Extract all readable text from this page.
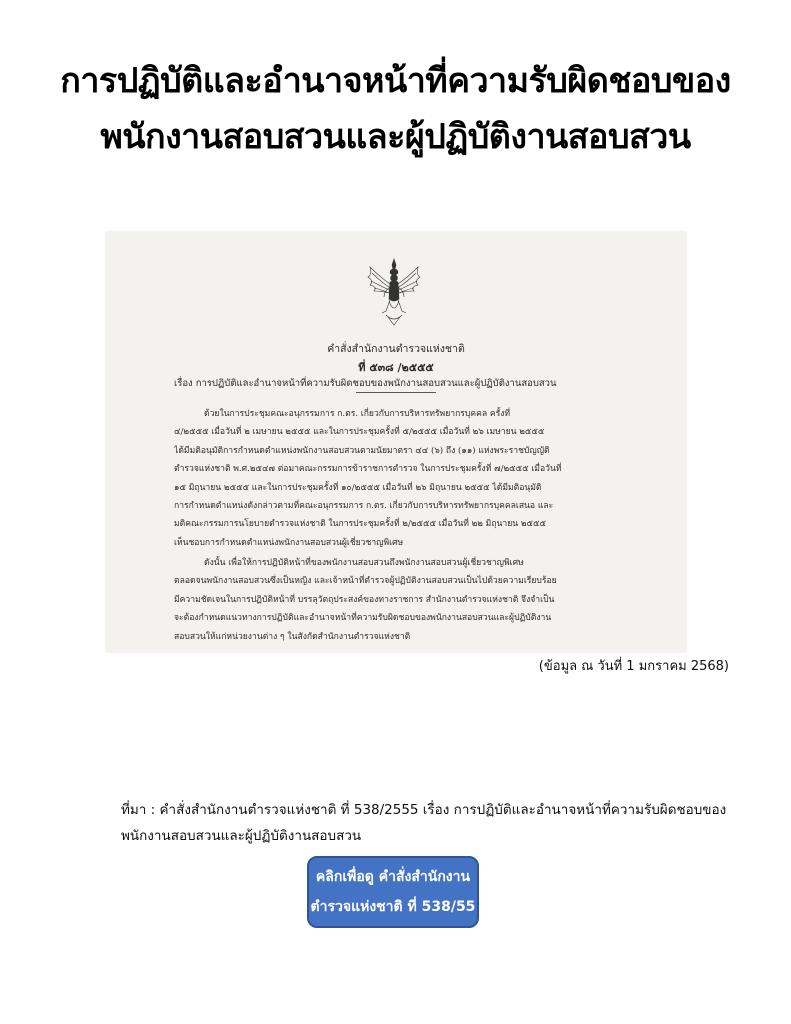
การปฏิบัติและอำนาจหน้าที่ความรับผิดชอบของ
พนักงานสอบสวนและผู้ปฏิบัติงานสอบสวน
คำสั่งสำนักงานตำรวจแห่งชาติ
ที่ ๕๓๘ /๒๕๕๕
เรื่อง การปฏิบัติและอำนาจหน้าที่ความรับผิดชอบของพนักงานสอบสวนและผู้ปฏิบัติงานสอบสวน

ด้วยในการประชุมคณะอนุกรรมการ ก.ตร. เกี่ยวกับการบริหารทรัพยากรบุคคล ครั้งที่

๔/๒๕๕๕ เมื่อวันที่ ๒ เมษายน ๒๕๕๕ และในการประชุมครั้งที่ ๕/๒๕๕๕ เมื่อวันที่ ๒๖ เมษายน ๒๕๕๕

ได้มีมติอนุมัติการกำหนดตำแหน่งพนักงานสอบสวนตามนัยมาตรา ๔๔ (๖) ถึง (๑๑) แห่งพระราชบัญญัติ

ตำรวจแห่งชาติ พ.ศ.๒๕๔๗ ต่อมาคณะกรรมการข้าราชการตำรวจ ในการประชุมครั้งที่ ๗/๒๕๕๕ เมื่อวันที่

๑๕ มิถุนายน ๒๕๕๕ และในการประชุมครั้งที่ ๑๐/๒๕๕๕ เมื่อวันที่ ๒๖ มิถุนายน ๒๕๕๕ ได้มีมติอนุมัติ

การกำหนดตำแหน่งดังกล่าวตามที่คณะอนุกรรมการ ก.ตร. เกี่ยวกับการบริหารทรัพยากรบุคคลเสนอ และ

มติคณะกรรมการนโยบายตำรวจแห่งชาติ ในการประชุมครั้งที่ ๒/๒๕๕๕ เมื่อวันที่ ๒๒ มิถุนายน ๒๕๕๕

เห็นชอบการกำหนดตำแหน่งพนักงานสอบสวนผู้เชี่ยวชาญพิเศษ

ดังนั้น เพื่อให้การปฏิบัติหน้าที่ของพนักงานสอบสวนถึงพนักงานสอบสวนผู้เชี่ยวชาญพิเศษ

ตลอดจนพนักงานสอบสวนซึ่งเป็นหญิง และเจ้าหน้าที่ตำรวจผู้ปฏิบัติงานสอบสวนเป็นไปด้วยความเรียบร้อย

มีความชัดเจนในการปฏิบัติหน้าที่ บรรลุวัตถุประสงค์ของทางราชการ สำนักงานตำรวจแห่งชาติ จึงจำเป็น

จะต้องกำหนดแนวทางการปฏิบัติและอำนาจหน้าที่ความรับผิดชอบของพนักงานสอบสวนและผู้ปฏิบัติงาน

สอบสวนให้แก่หน่วยงานต่าง ๆ ในสังกัดสำนักงานตำรวจแห่งชาติ

(ข้อมูล ณ วันที่ 1 มกราคม 2568)

ที่มา : คำสั่งสำนักงานตำรวจแห่งชาติ ที่ 538/2555 เรื่อง การปฏิบัติและอำนาจหน้าที่ความรับผิดชอบของ

พนักงานสอบสวนและผู้ปฏิบัติงานสอบสวน

คลิกเพื่อดู คำสั่งสำนักงาน
ตำรวจแห่งชาติ ที่ 538/55
